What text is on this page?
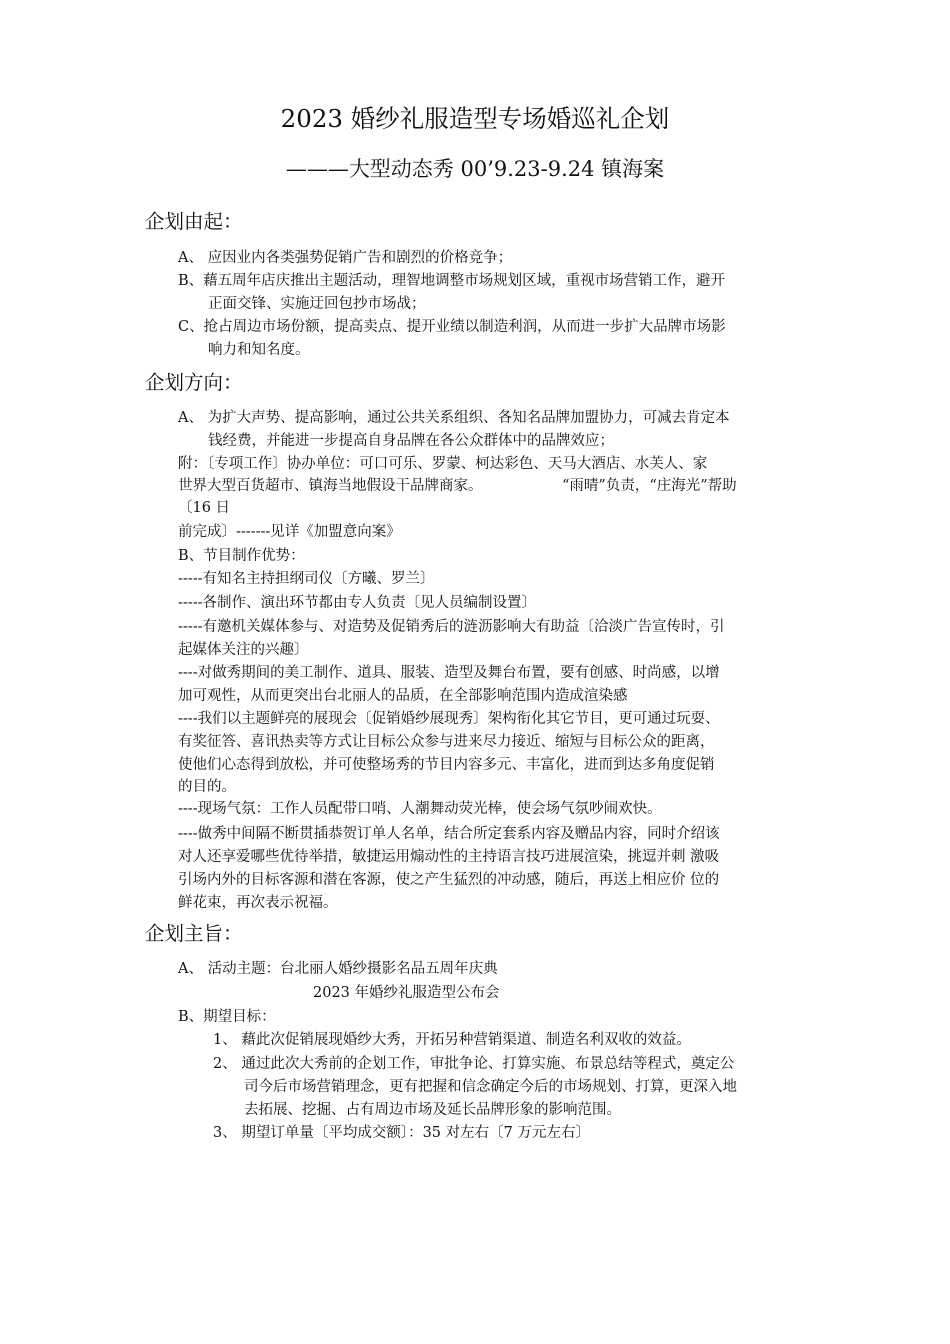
2023 婚纱礼服造型专场婚巡礼企划
———大型动态秀 00’9.23-9.24 镇海案
企划由起：
A、 应因业内各类强势促销广告和剧烈的价格竞争；
B、藉五周年店庆推出主题活动，理智地调整市场规划区域，重视市场营销工作，避开
正面交锋、实施迂回包抄市场战；
C、抢占周边市场份额，提高卖点、提开业绩以制造利润，从而进一步扩大品牌市场影
响力和知名度。
企划方向：
A、 为扩大声势、提高影响，通过公共关系组织、各知名品牌加盟协力，可减去肯定本
钱经费，并能进一步提高自身品牌在各公众群体中的品牌效应；
附：〔专项工作〕协办单位：可口可乐、罗蒙、柯达彩色、天马大酒店、水芙人、家
世界大型百货超市、镇海当地假设干品牌商家。	“雨晴”负责，“庄海光”帮助
〔16 日
前完成〕-------见详《加盟意向案》
B、节目制作优势：
-----有知名主持担纲司仪〔方曦、罗兰〕
-----各制作、演出环节都由专人负责〔见人员编制设置〕
-----有邀机关媒体参与、对造势及促销秀后的涟沥影响大有助益〔洽淡广告宣传时，引
起媒体关注的兴趣〕
----对做秀期间的美工制作、道具、服装、造型及舞台布置，要有创感、时尚感，以增
加可观性，从而更突出台北丽人的品质，在全部影响范围内造成渲染感
----我们以主题鲜亮的展现会〔促销婚纱展现秀〕架构衔化其它节目，更可通过玩耍、
有奖征答、喜讯热卖等方式让目标公众参与进来尽力接近、缩短与目标公众的距离，
使他们心态得到放松，并可使整场秀的节目内容多元、丰富化，进而到达多角度促销
的目的。
----现场气氛：工作人员配带口哨、人潮舞动荧光棒，使会场气氛吵闹欢快。
----做秀中间隔不断贯插恭贺订单人名单，结合所定套系内容及赠品内容，同时介绍该
对人还享爱哪些优待举措，敏捷运用煽动性的主持语言技巧进展渲染，挑逗并刺 激吸
引场内外的目标客源和潜在客源，使之产生猛烈的冲动感，随后，再送上相应价 位的
鲜花束，再次表示祝福。
企划主旨：
A、 活动主题：台北丽人婚纱摄影名品五周年庆典
2023 年婚纱礼服造型公布会
B、期望目标：
1、 藉此次促销展现婚纱大秀，开拓另种营销渠道、制造名利双收的效益。
2、 通过此次大秀前的企划工作，审批争论、打算实施、布景总结等程式，奠定公
司今后市场营销理念，更有把握和信念确定今后的市场规划、打算，更深入地
去拓展、挖掘、占有周边市场及延长品牌形象的影响范围。
3、 期望订单量〔平均成交额〕：35 对左右〔7 万元左右〕
